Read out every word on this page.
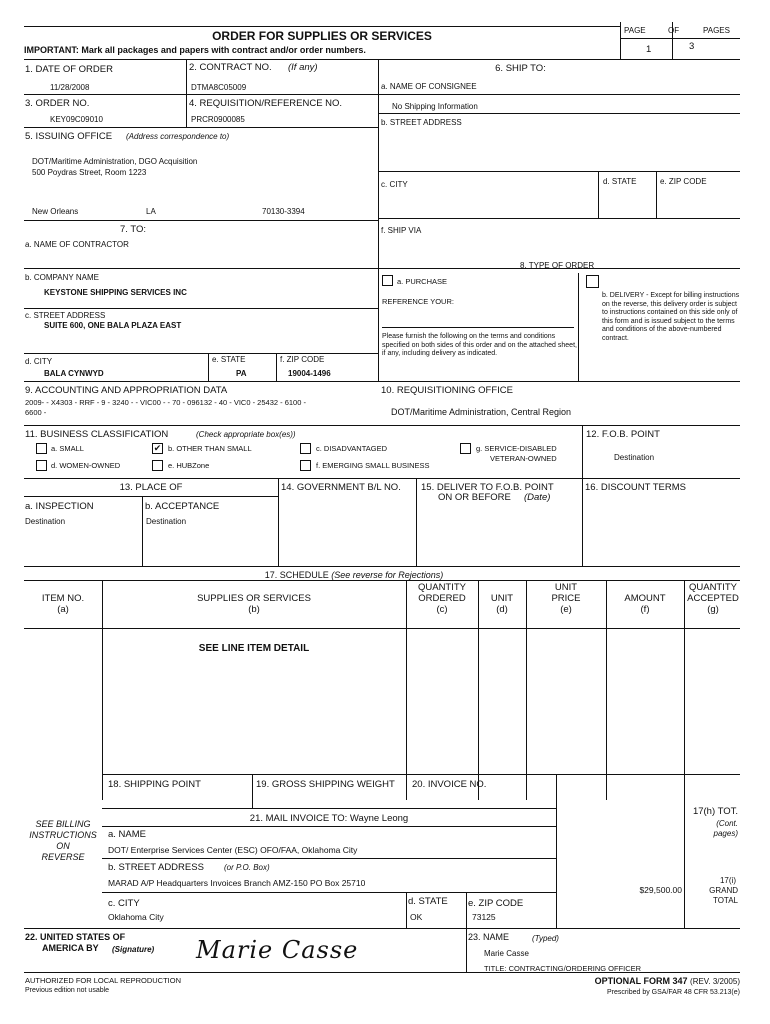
ORDER FOR SUPPLIES OR SERVICES
IMPORTANT: Mark all packages and papers with contract and/or order numbers.
PAGE	OF	PAGES
1	3
1. DATE OF ORDER
11/28/2008
2. CONTRACT NO. (If any)
DTMA8C05009
3. ORDER NO.
KEY09C09010
4. REQUISITION/REFERENCE NO.
PRCR0900085
5. ISSUING OFFICE (Address correspondence to)
DOT/Maritime Administration, DGO Acquisition
500 Poydras Street, Room 1223
New Orleans	LA	70130-3394
6. SHIP TO:
a. NAME OF CONSIGNEE
No Shipping Information
b. STREET ADDRESS
c. CITY	d. STATE	e. ZIP CODE
f. SHIP VIA
7. TO:
a. NAME OF CONTRACTOR
b. COMPANY NAME
KEYSTONE SHIPPING SERVICES INC
c. STREET ADDRESS
SUITE 600, ONE BALA PLAZA EAST
d. CITY
BALA CYNWYD
e. STATE
PA
f. ZIP CODE
19004-1496
8. TYPE OF ORDER
a. PURCHASE
REFERENCE YOUR:
Please furnish the following on the terms and conditions specified on both sides of this order and on the attached sheet, if any, including delivery as indicated.
b. DELIVERY - Except for billing instructions on the reverse, this delivery order is subject to instructions contained on this side only of this form and is issued subject to the terms and conditions of the above-numbered contract.
9. ACCOUNTING AND APPROPRIATION DATA
2009- - X4303 - RRF - 9 - 3240 - - VIC00 - - 70 - 096132 - 40 - VIC0 - 25432 - 6100 -
6600 -
10. REQUISITIONING OFFICE
DOT/Maritime Administration, Central Region
11. BUSINESS CLASSIFICATION	(Check appropriate box(es))
a. SMALL	✔ b. OTHER THAN SMALL	c. DISADVANTAGED	g. SERVICE-DISABLED
VETERAN-OWNED
d. WOMEN-OWNED	e. HUBZone	f. EMERGING SMALL BUSINESS
12. F.O.B. POINT
Destination
13. PLACE OF
a. INSPECTION
Destination
b. ACCEPTANCE
Destination
14. GOVERNMENT B/L NO. 15. DELIVER TO F.O.B. POINT
ON OR BEFORE (Date)
16. DISCOUNT TERMS
17. SCHEDULE (See reverse for Rejections)
ITEM NO.
(a)
SUPPLIES OR SERVICES
(b)
QUANTITY
ORDERED
(c)
UNIT
(d)
UNIT
PRICE
(e)
AMOUNT
(f)
QUANTITY
ACCEPTED
(g)
SEE LINE ITEM DETAIL
18. SHIPPING POINT	19. GROSS SHIPPING WEIGHT 20. INVOICE NO.
21. MAIL INVOICE TO: Wayne Leong
SEE BILLING
INSTRUCTIONS
ON
REVERSE
a. NAME
DOT/ Enterprise Services Center (ESC) OFO/FAA, Oklahoma City
b. STREET ADDRESS	(or P.O. Box)
MARAD A/P Headquarters Invoices Branch AMZ-150 PO Box 25710
c. CITY
Oklahoma City
d. STATE
OK
e. ZIP CODE
73125
17(h) TOT.
(Cont.
pages)
17(i)
GRAND
TOTAL
$29,500.00
22. UNITED STATES OF
AMERICA BY (Signature) Marie Casse	23. NAME	(Typed)
Marie Casse
TITLE: CONTRACTING/ORDERING OFFICER
AUTHORIZED FOR LOCAL REPRODUCTION
Previous edition not usable
OPTIONAL FORM 347 (REV. 3/2005)
Prescribed by GSA/FAR 48 CFR 53.213(e)
